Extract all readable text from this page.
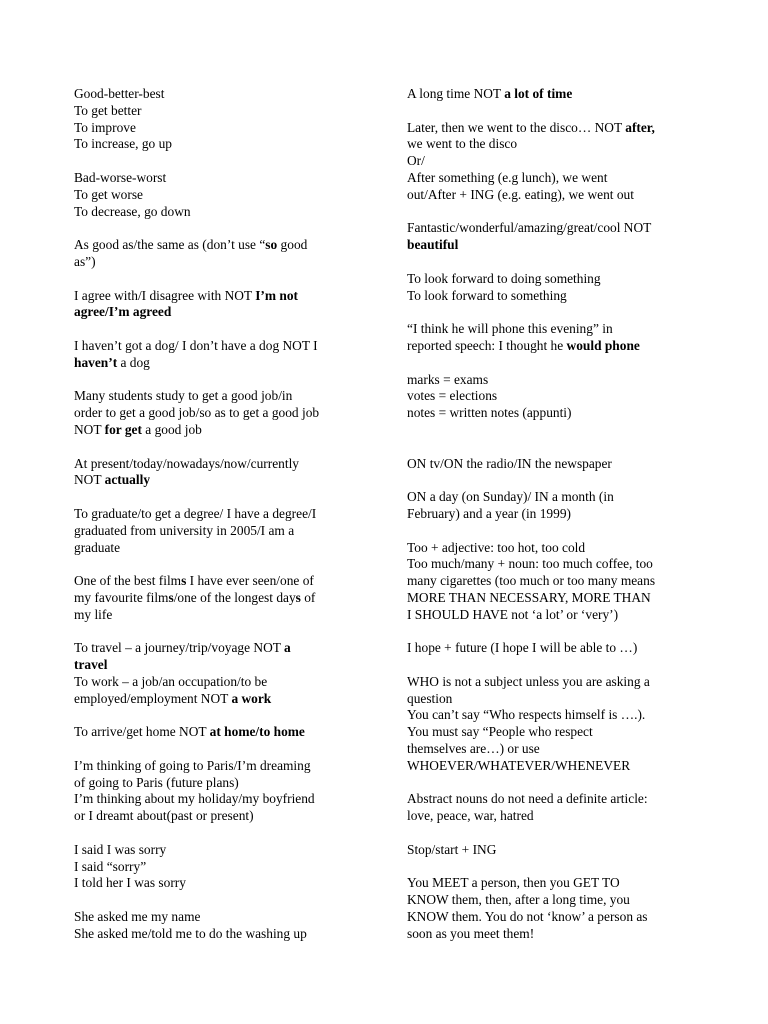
Good-better-best
To get better
To improve
To increase, go up
Bad-worse-worst
To get worse
To decrease, go down
As good as/the same as (don’t use “so good
as”)
I agree with/I disagree with NOT I’m not
agree/I’m agreed
I haven’t got a dog/ I don’t have a dog NOT I
haven’t a dog
Many students study to get a good job/in
order to get a good job/so as to get a good job
NOT for get a good job
At present/today/nowadays/now/currently
NOT actually
To graduate/to get a degree/ I have a degree/I
graduated from university in 2005/I am a
graduate
One of the best films I have ever seen/one of
my favourite films/one of the longest days of
my life
To travel – a journey/trip/voyage NOT a
travel
To work – a job/an occupation/to be
employed/employment NOT a work
To arrive/get home NOT at home/to home
I’m thinking of going to Paris/I’m dreaming
of going to Paris (future plans)
I’m thinking about my holiday/my boyfriend
or I dreamt about(past or present)
I said I was sorry
I said “sorry”
I told her I was sorry
She asked me my name
She asked me/told me to do the washing up
A long time NOT a lot of time
Later, then we went to the disco… NOT after,
we went to the disco
Or/
After something (e.g lunch), we went
out/After + ING (e.g. eating), we went out
Fantastic/wonderful/amazing/great/cool NOT
beautiful
To look forward to doing something
To look forward to something
“I think he will phone this evening” in
reported speech: I thought he would phone
marks = exams
votes = elections
notes = written notes (appunti)
ON tv/ON the radio/IN the newspaper
ON a day (on Sunday)/ IN a month (in
February) and a year (in 1999)
Too + adjective: too hot, too cold
Too much/many + noun: too much coffee, too
many cigarettes (too much or too many means
MORE THAN NECESSARY, MORE THAN
I SHOULD HAVE not ‘a lot’ or ‘very’)
I hope + future (I hope I will be able to …)
WHO is not a subject unless you are asking a
question
You can’t say “Who respects himself is ….).
You must say “People who respect
themselves are…) or use
WHOEVER/WHATEVER/WHENEVER
Abstract nouns do not need a definite article:
love, peace, war, hatred
Stop/start + ING
You MEET a person, then you GET TO
KNOW them, then, after a long time, you
KNOW them. You do not ‘know’ a person as
soon as you meet them!
